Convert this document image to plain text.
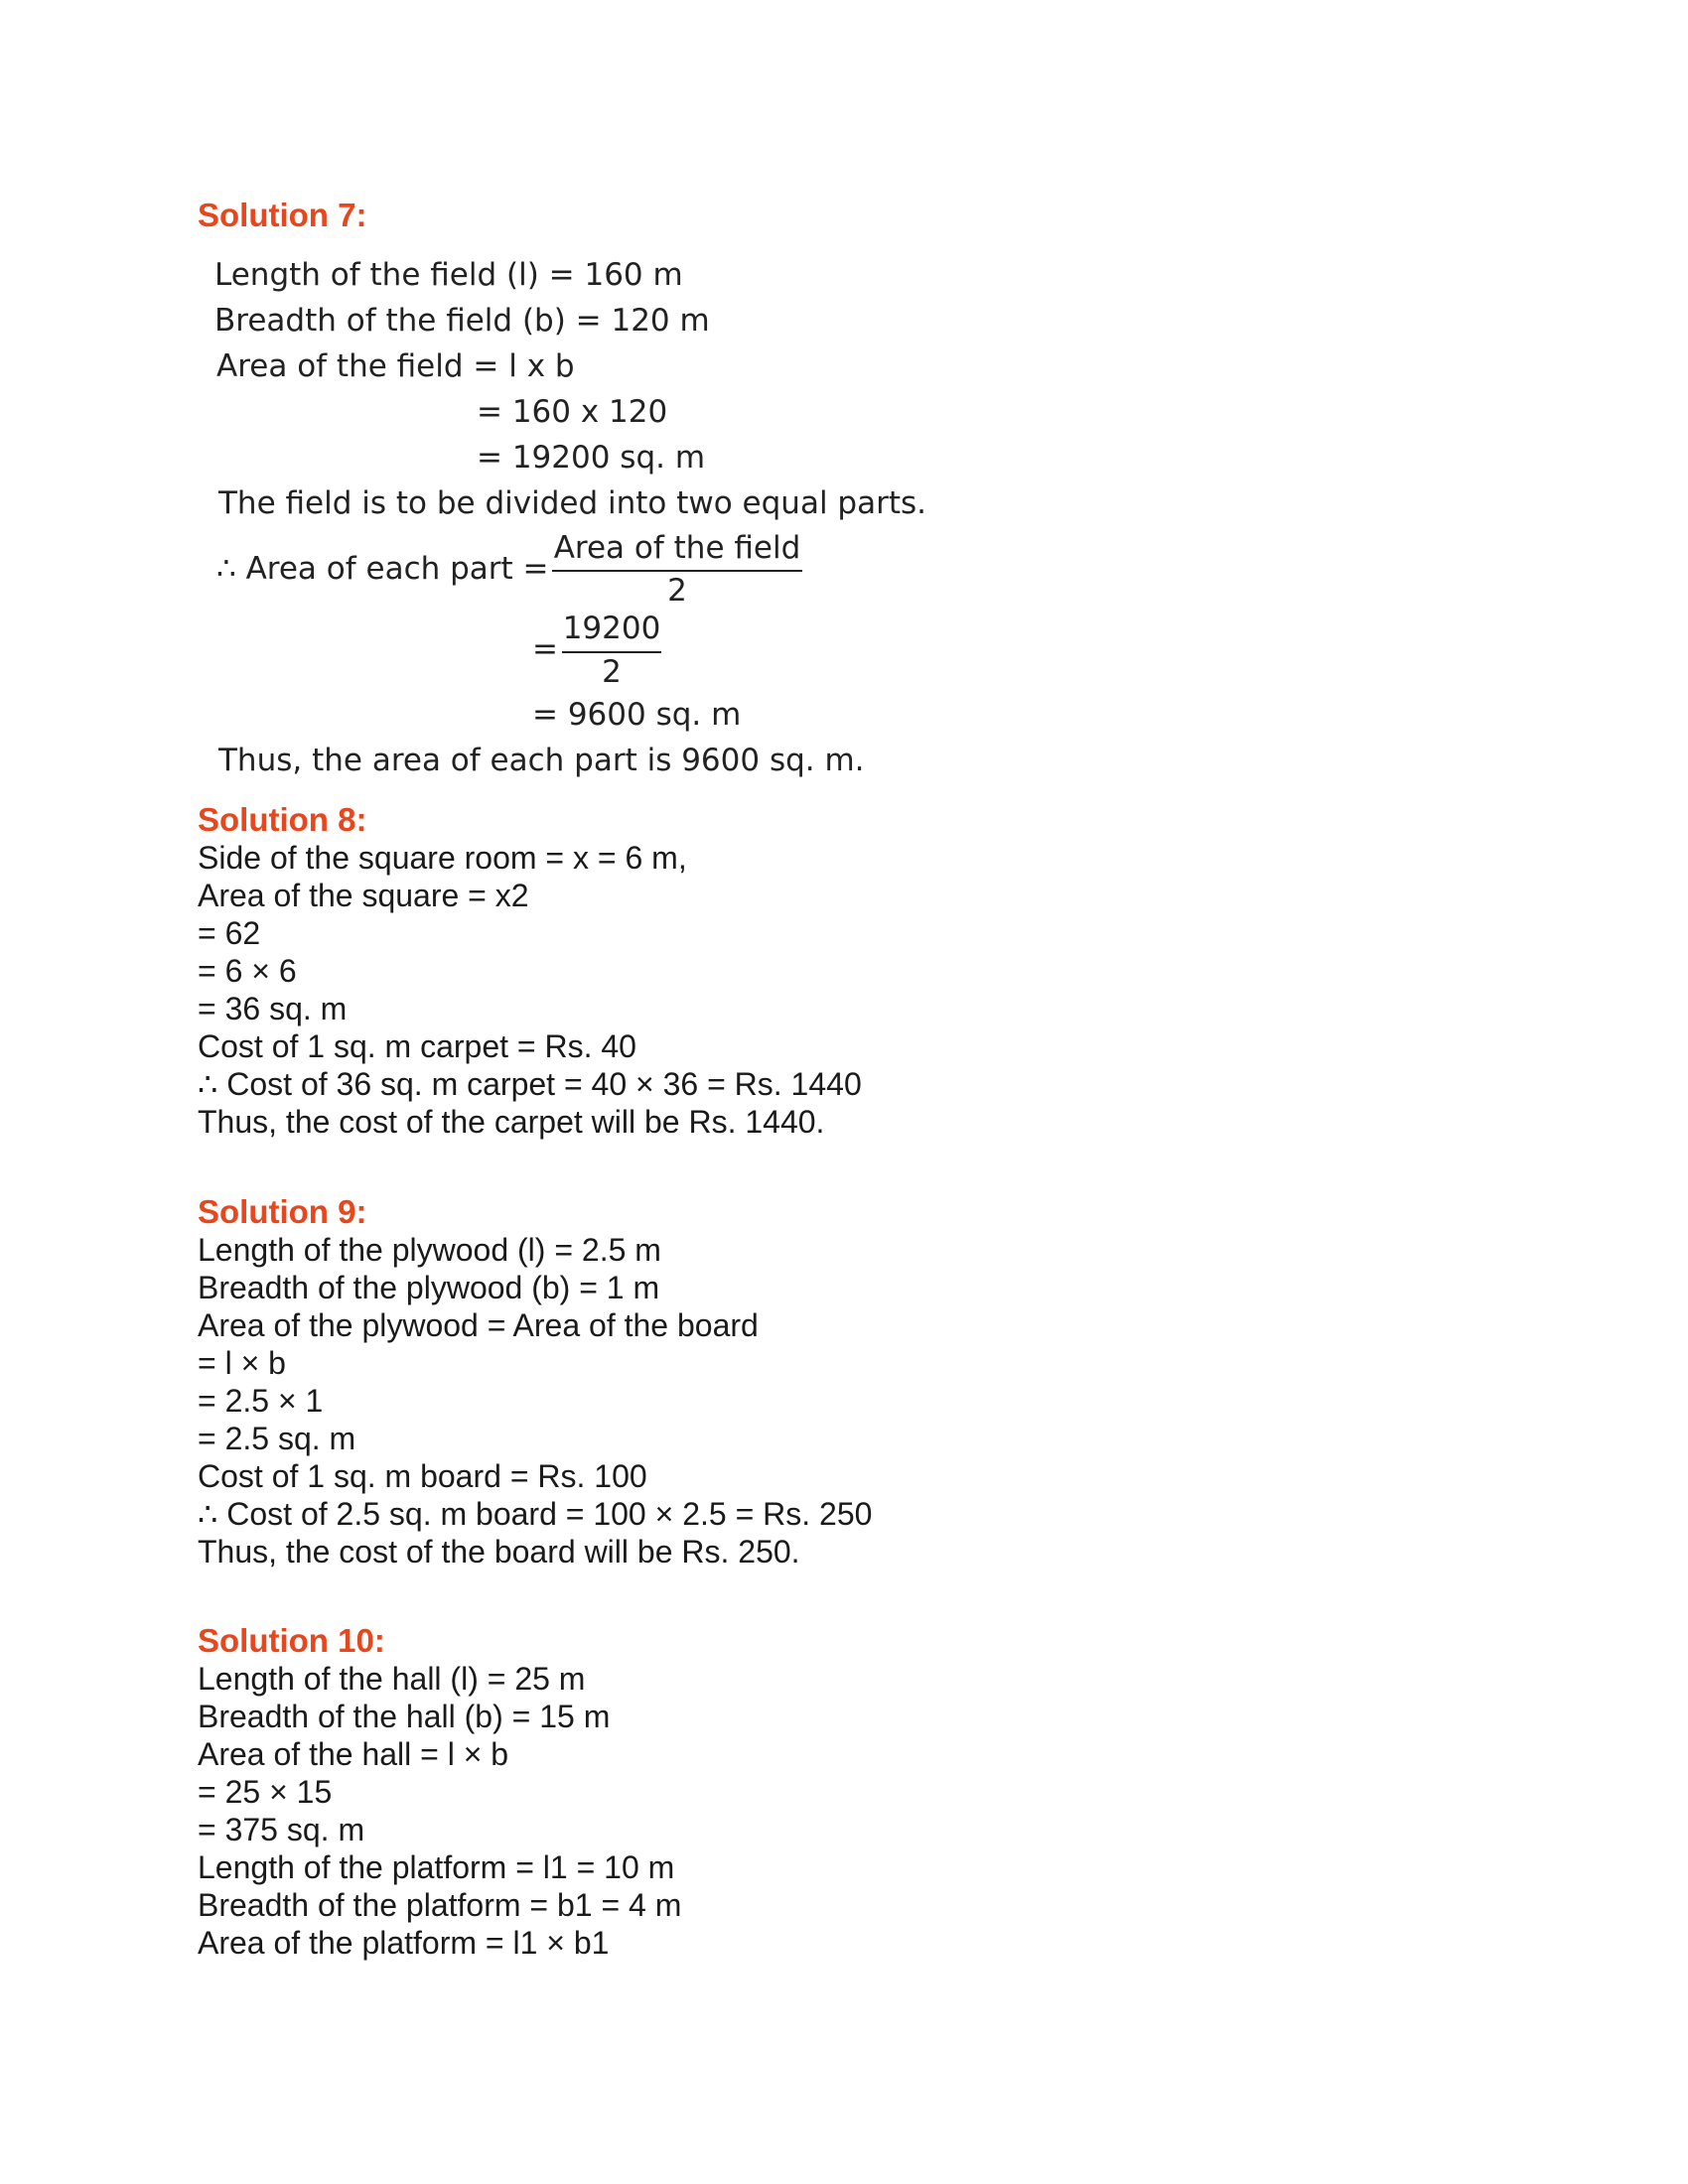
Solution 7:
Length of the field (l) = 160 m
Breadth of the field (b) = 120 m
Area of the field = l x b
= 160 x 120
= 19200 sq. m
The field is to be divided into two equal parts.
∴ Area of each part =
Area of the field
2
=
19200
2
= 9600 sq. m
Thus, the area of each part is 9600 sq. m.
Solution 8:
Side of the square room = x = 6 m,
Area of the square = x2
= 62
= 6 × 6
= 36 sq. m
Cost of 1 sq. m carpet = Rs. 40
∴ Cost of 36 sq. m carpet = 40 × 36 = Rs. 1440
Thus, the cost of the carpet will be Rs. 1440.
Solution 9:
Length of the plywood (l) = 2.5 m
Breadth of the plywood (b) = 1 m
Area of the plywood = Area of the board
= l × b
= 2.5 × 1
= 2.5 sq. m
Cost of 1 sq. m board = Rs. 100
∴ Cost of 2.5 sq. m board = 100 × 2.5 = Rs. 250
Thus, the cost of the board will be Rs. 250.
Solution 10:
Length of the hall (l) = 25 m
Breadth of the hall (b) = 15 m
Area of the hall = l × b
= 25 × 15
= 375 sq. m
Length of the platform = l1 = 10 m
Breadth of the platform = b1 = 4 m
Area of the platform = l1 × b1
